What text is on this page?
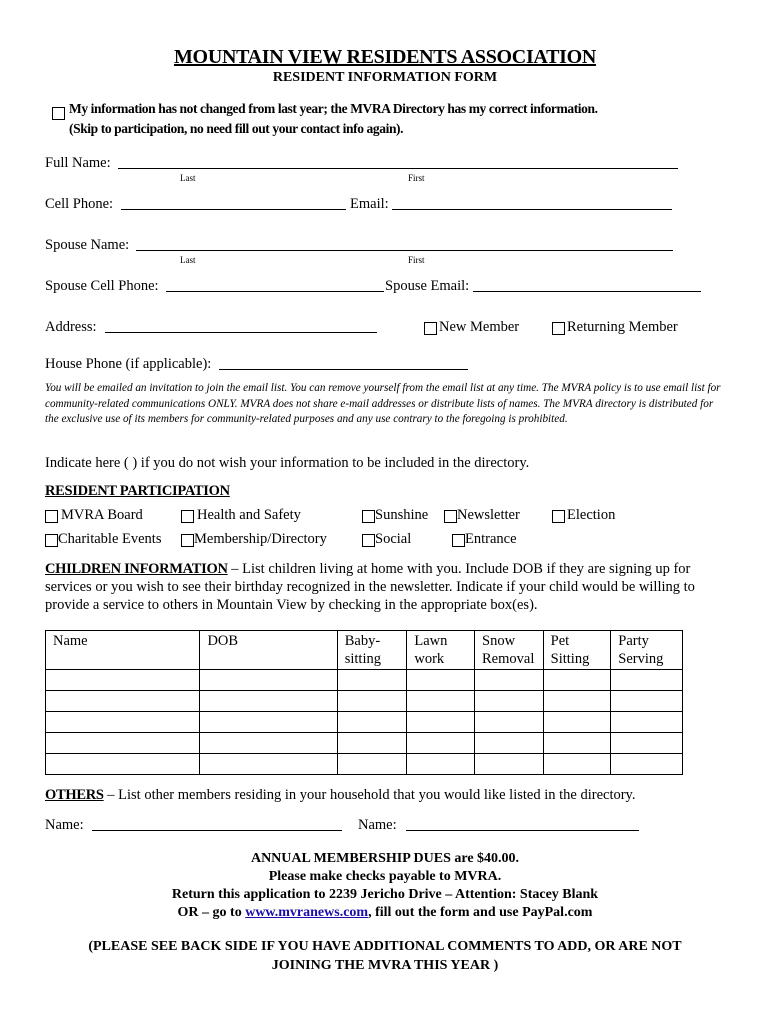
MOUNTAIN VIEW RESIDENTS ASSOCIATION
RESIDENT INFORMATION FORM
My information has not changed from last year; the MVRA Directory has my correct information.
(Skip to participation, no need fill out your contact info again).
Full Name:
Last	First
Cell Phone:	Email:
Spouse Name:
Last	First
Spouse Cell Phone:	Spouse Email:
Address:	New Member	Returning Member
House Phone (if applicable):
You will be emailed an invitation to join the email list. You can remove yourself from the email list at any time. The MVRA policy is to use email list for community-related communications ONLY. MVRA does not share e-mail addresses or distribute lists of names. The MVRA directory is distributed for the exclusive use of its members for community-related purposes and any use contrary to the foregoing is prohibited.
Indicate here ( ) if you do not wish your information to be included in the directory.
RESIDENT PARTICIPATION
MVRA Board	Health and Safety	Sunshine Newsletter	Election
Charitable Events Membership/Directory	Social	Entrance
CHILDREN INFORMATION – List children living at home with you. Include DOB if they are signing up for services or you wish to see their birthday recognized in the newsletter. Indicate if your child would be willing to provide a service to others in Mountain View by checking in the appropriate box(es).
Name	DOB	Baby-sitting	Lawn work	Snow Removal	Pet Sitting	Party Serving

OTHERS – List other members residing in your household that you would like listed in the directory.
Name:	Name:
ANNUAL MEMBERSHIP DUES are $40.00.
Please make checks payable to MVRA.
Return this application to 2239 Jericho Drive – Attention: Stacey Blank
OR – go to www.mvranews.com, fill out the form and use PayPal.com
(PLEASE SEE BACK SIDE IF YOU HAVE ADDITIONAL COMMENTS TO ADD, OR ARE NOT
JOINING THE MVRA THIS YEAR )
